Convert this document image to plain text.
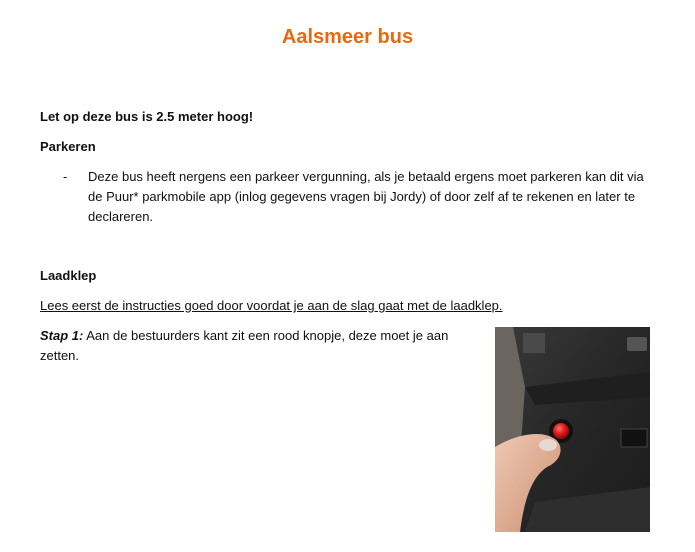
Aalsmeer bus
Let op deze bus is 2.5 meter hoog!
Parkeren
- Deze bus heeft nergens een parkeer vergunning, als je betaald ergens moet parkeren kan dit via de Puur* parkmobile app (inlog gegevens vragen bij Jordy) of door zelf af te rekenen en later te declareren.
Laadklep
Lees eerst de instructies goed door voordat je aan de slag gaat met de laadklep.
Stap 1: Aan de bestuurders kant zit een rood knopje, deze moet je aan zetten.
